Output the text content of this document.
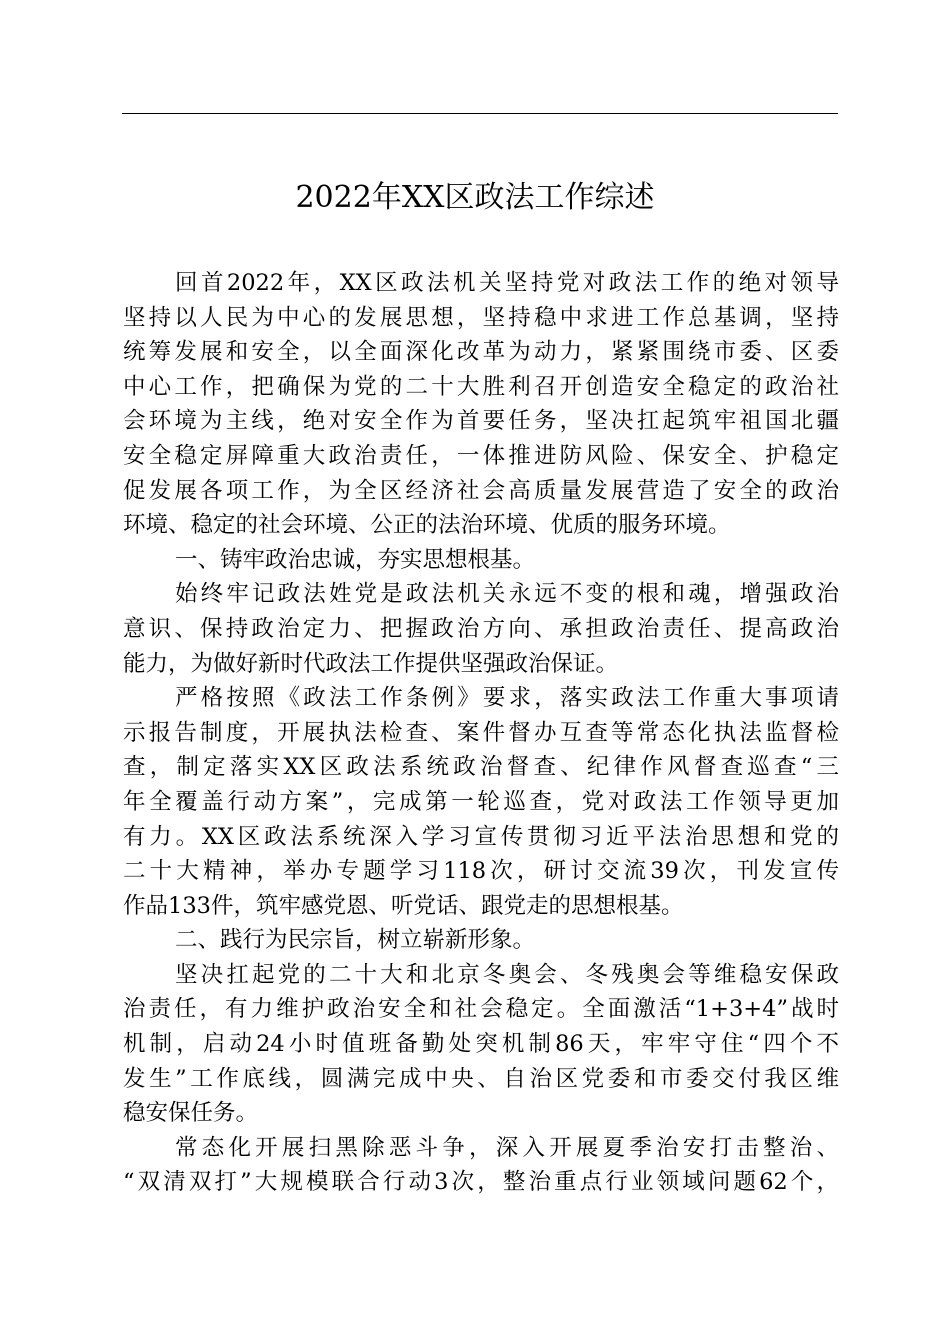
2022年XX区政法工作综述
回首2022年，XX区政法机关坚持党对政法工作的绝对领导
坚持以人民为中心的发展思想，坚持稳中求进工作总基调，坚持
统筹发展和安全，以全面深化改革为动力，紧紧围绕市委、区委
中心工作，把确保为党的二十大胜利召开创造安全稳定的政治社
会环境为主线，绝对安全作为首要任务，坚决扛起筑牢祖国北疆
安全稳定屏障重大政治责任，一体推进防风险、保安全、护稳定
促发展各项工作，为全区经济社会高质量发展营造了安全的政治
环境、稳定的社会环境、公正的法治环境、优质的服务环境。
一、铸牢政治忠诚，夯实思想根基。
始终牢记政法姓党是政法机关永远不变的根和魂，增强政治
意识、保持政治定力、把握政治方向、承担政治责任、提高政治
能力，为做好新时代政法工作提供坚强政治保证。
严格按照《政法工作条例》要求，落实政法工作重大事项请
示报告制度，开展执法检查、案件督办互查等常态化执法监督检
查，制定落实XX区政法系统政治督查、纪律作风督查巡查“三
年全覆盖行动方案”，完成第一轮巡查，党对政法工作领导更加
有力。XX区政法系统深入学习宣传贯彻习近平法治思想和党的
二十大精神，举办专题学习118次，研讨交流39次，刊发宣传
作品133件，筑牢感党恩、听党话、跟党走的思想根基。
二、践行为民宗旨，树立崭新形象。
坚决扛起党的二十大和北京冬奥会、冬残奥会等维稳安保政
治责任，有力维护政治安全和社会稳定。全面激活“1+3+4”战时
机制，启动24小时值班备勤处突机制86天，牢牢守住“四个不
发生”工作底线，圆满完成中央、自治区党委和市委交付我区维
稳安保任务。
常态化开展扫黑除恶斗争，深入开展夏季治安打击整治、
“双清双打”大规模联合行动3次，整治重点行业领域问题62个，
